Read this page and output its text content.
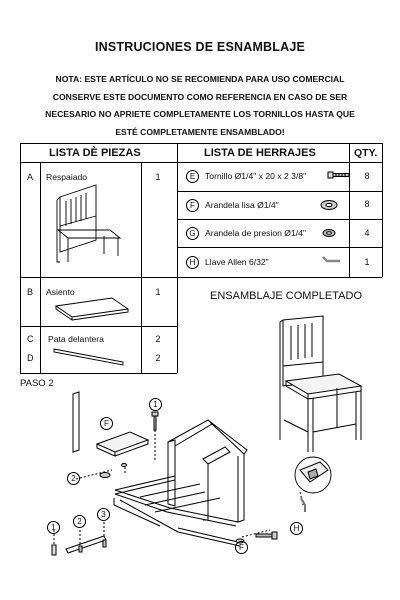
INSTRUCIONES DE ESNAMBLAJE
NOTA: ESTE ARTÍCULO NO SE RECOMIENDA PARA USO COMERCIAL
CONSERVE ESTE DOCUMENTO COMO REFERENCIA EN CASO DE SER
NECESARIO NO APRIETE COMPLETAMENTE LOS TORNILLOS HASTA QUE
ESTÉ COMPLETAMENTE ENSAMBLADO!
LISTA DÈ PIEZAS	LISTA DE HERRAJES	QTY.
A Respaiado	1
B Asiento	1
C Pata delantera	2
D	2
E	Tornillo Ø1/4" x 20 x 2 3/8"	8
F	Arandela lisa Ø1/4"	8
G	Arandela de presion Ø1/4"	4
H	Llave Allen 6/32"	1
ENSAMBLAJE COMPLETADO
PASO 2
F
1
2
F
H
1
2
3
